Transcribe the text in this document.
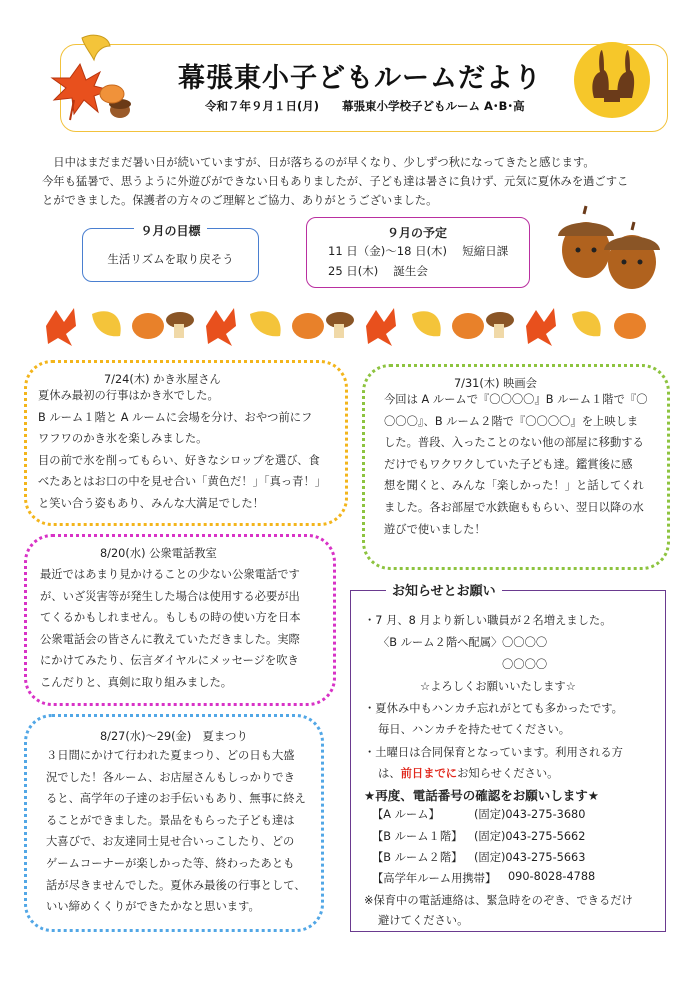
幕張東小子どもルームだより
令和７年９月１日(月)　　幕張東小学校子どもルーム A･B･高

　日中はまだまだ暑い日が続いていますが、日が落ちるのが早くなり、少しずつ秋になってきたと感じます。

今年も猛暑で、思うように外遊びができない日もありましたが、子ども達は暑さに負けず、元気に夏休みを過ごすこ

とができました。保護者の方々のご理解とご協力、ありがとうございました。

９月の目標
生活リズムを取り戻そう
９月の予定
11 日（金)～18 日(木)　 短縮日課
25 日(木)　 誕生会
7/24(木) かき氷屋さん
夏休み最初の行事はかき氷でした。
B ルーム１階と A ルームに会場を分け、おやつ前にフ
ワフワのかき氷を楽しみました。
目の前で氷を削ってもらい、好きなシロップを選び、食
べたあとはお口の中を見せ合い「黄色だ！」「真っ青！」
と笑い合う姿もあり、みんな大満足でした！
7/31(木) 映画会
今回は A ルームで『〇〇〇〇』B ルーム１階で『〇
〇〇〇』、B ルーム２階で『〇〇〇〇』を上映しま
した。普段、入ったことのない他の部屋に移動する
だけでもワクワクしていた子ども達。鑑賞後に感
想を聞くと、みんな「楽しかった！」と話してくれ
ました。各お部屋で水鉄砲ももらい、翌日以降の水
遊びで使いました！
8/20(水) 公衆電話教室
最近ではあまり見かけることの少ない公衆電話です
が、いざ災害等が発生した場合は使用する必要が出
てくるかもしれません。もしもの時の使い方を日本
公衆電話会の皆さんに教えていただきました。実際
にかけてみたり、伝言ダイヤルにメッセージを吹き
こんだりと、真剣に取り組みました。
8/27(水)～29(金)　夏まつり
３日間にかけて行われた夏まつり、どの日も大盛
況でした！各ルーム、お店屋さんもしっかりでき
ると、高学年の子達のお手伝いもあり、無事に終え
ることができました。景品をもらった子ども達は
大喜びで、お友達同士見せ合いっこしたり、どの
ゲームコーナーが楽しかった等、終わったあとも
話が尽きませんでした。夏休み最後の行事として、
いい締めくくりができたかなと思います。
お知らせとお願い
・7 月、8 月より新しい職員が２名増えました。
〈B ルーム２階へ配属〉 〇〇〇〇
〇〇〇〇
☆よろしくお願いいたします☆
・夏休み中もハンカチ忘れがとても多かったです。
毎日、ハンカチを持たせてください。
・土曜日は合同保育となっています。利用される方
は、前日までにお知らせください。
★再度、電話番号の確認をお願いします★
【A ルーム】	(固定)043-275-3680
【B ルーム１階】 (固定)043-275-5662
【B ルーム２階】 (固定)043-275-5663
【高学年ルーム用携帯】 090-8028-4788
※保育中の電話連絡は、緊急時をのぞき、できるだけ
避けてください。
